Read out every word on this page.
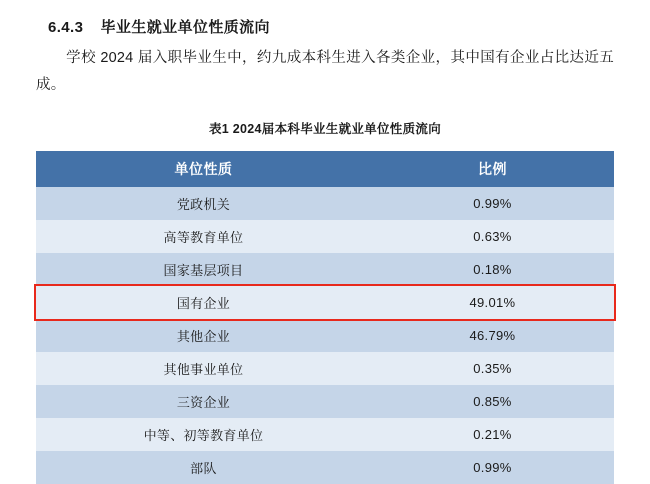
6.4.3 毕业生就业单位性质流向

学校 2024 届入职毕业生中，约九成本科生进入各类企业，其中国有企业占比达近五成。

表1 2024届本科毕业生就业单位性质流向
单位性质	比例
党政机关	0.99%
高等教育单位	0.63%
国家基层项目	0.18%
国有企业	49.01%
其他企业	46.79%
其他事业单位	0.35%
三资企业	0.85%
中等、初等教育单位	0.21%
部队	0.99%
